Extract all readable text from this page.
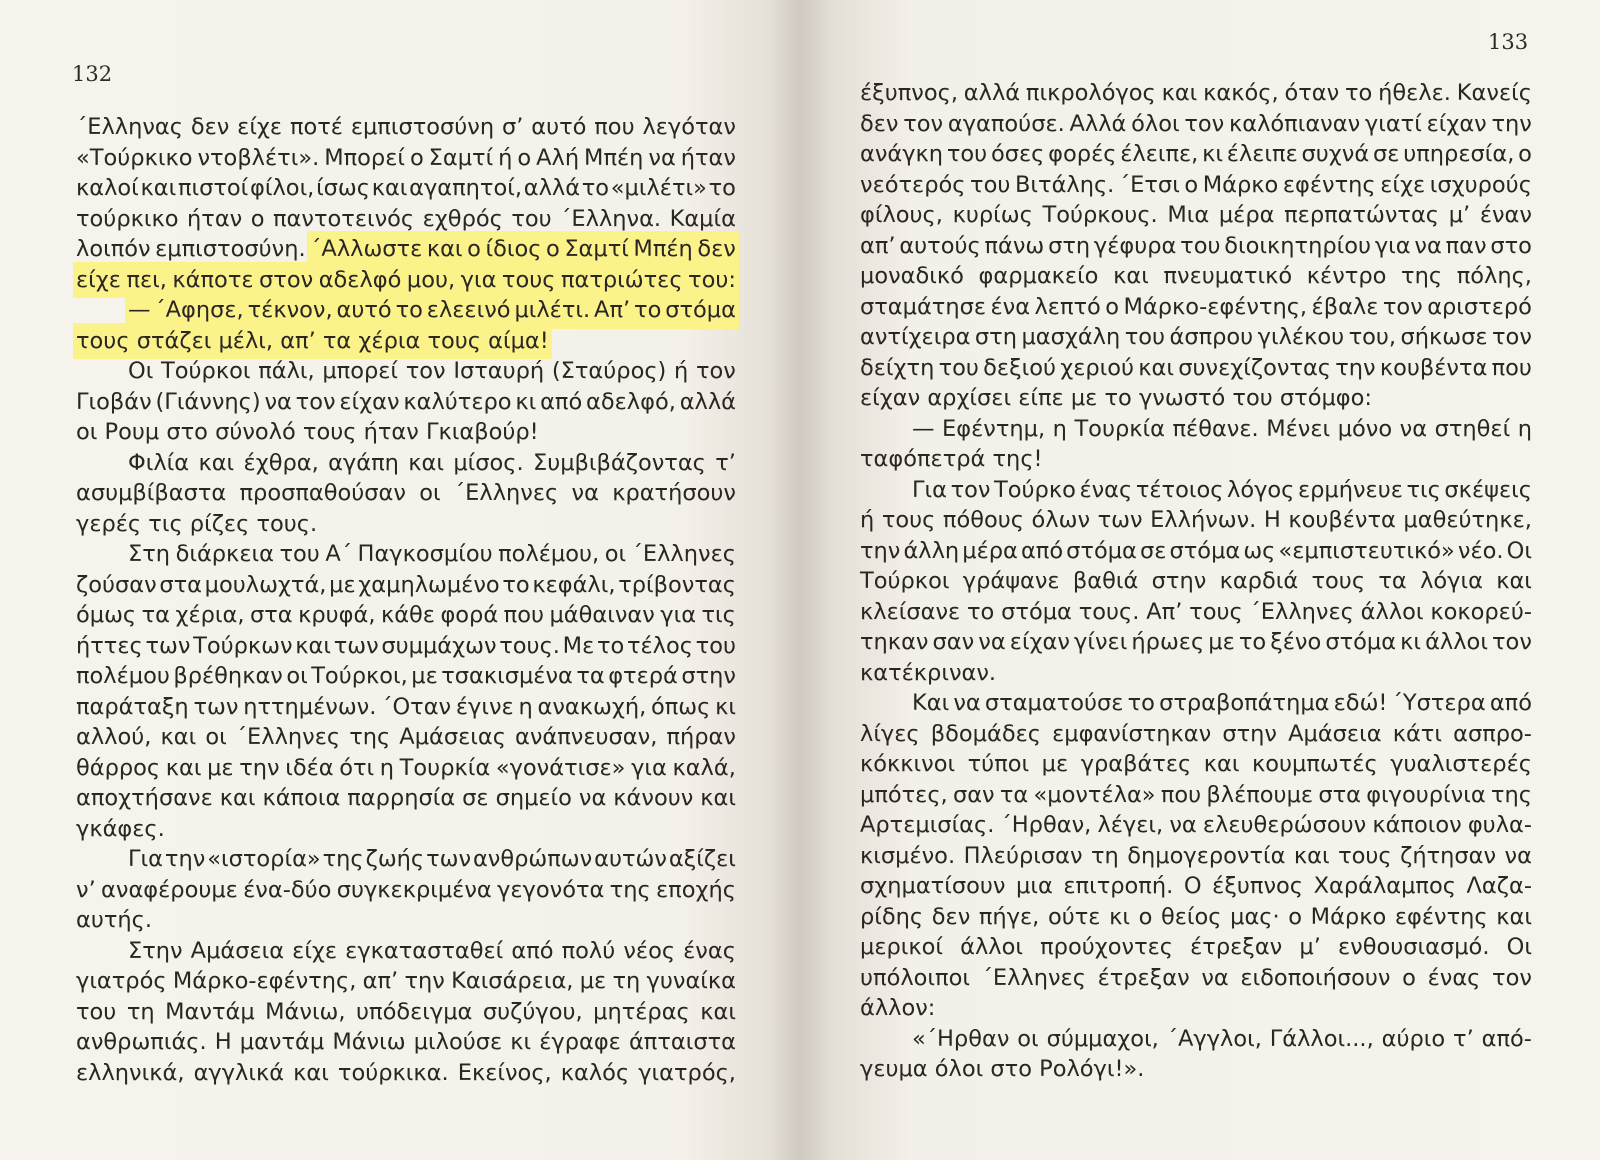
132
΄Ελληνας δεν είχε ποτέ εμπιστοσύνη σ’ αυτό που λεγόταν
«Τούρκικο ντοβλέτι». Μπορεί ο Σαμτί ή ο Αλή Μπέη να ήταν
καλοί και πιστοί φίλοι, ίσως και αγαπητοί, αλλά το «μιλέτι» το
τούρκικο ήταν ο παντοτεινός εχθρός του ΄Ελληνα. Καμία
λοιπόν εμπιστοσύνη. ΄Αλλωστε και ο ίδιος ο Σαμτί Μπέη δεν
είχε πει, κάποτε στον αδελφό μου, για τους πατριώτες του:
— ΄Αφησε, τέκνον, αυτό το ελεεινό μιλέτι. Απ’ το στόμα
τους στάζει μέλι, απ’ τα χέρια τους αίμα!
Οι Τούρκοι πάλι, μπορεί τον Ισταυρή (Σταύρος) ή τον
Γιοβάν (Γιάννης) να τον είχαν καλύτερο κι από αδελφό, αλλά
οι Ρουμ στο σύνολό τους ήταν Γκιαβούρ!
Φιλία και έχθρα, αγάπη και μίσος. Συμβιβάζοντας τ’
ασυμβίβαστα προσπαθούσαν οι ΄Ελληνες να κρατήσουν
γερές τις ρίζες τους.
Στη διάρκεια του Α΄ Παγκοσμίου πολέμου, οι ΄Ελληνες
ζούσαν στα μουλωχτά, με χαμηλωμένο το κεφάλι, τρίβοντας
όμως τα χέρια, στα κρυφά, κάθε φορά που μάθαιναν για τις
ήττες των Τούρκων και των συμμάχων τους. Με το τέλος του
πολέμου βρέθηκαν οι Τούρκοι, με τσακισμένα τα φτερά στην
παράταξη των ηττημένων. ΄Οταν έγινε η ανακωχή, όπως κι
αλλού, και οι ΄Ελληνες της Αμάσειας ανάπνευσαν, πήραν
θάρρος και με την ιδέα ότι η Τουρκία «γονάτισε» για καλά,
αποχτήσανε και κάποια παρρησία σε σημείο να κάνουν και
γκάφες.
Για την «ιστορία» της ζωής των ανθρώπων αυτών αξίζει
ν’ αναφέρουμε ένα-δύο συγκεκριμένα γεγονότα της εποχής
αυτής.
Στην Αμάσεια είχε εγκατασταθεί από πολύ νέος ένας
γιατρός Μάρκο-εφέντης, απ’ την Καισάρεια, με τη γυναίκα
του τη Μαντάμ Μάνιω, υπόδειγμα συζύγου, μητέρας και
ανθρωπιάς. Η μαντάμ Μάνιω μιλούσε κι έγραφε άπταιστα
ελληνικά, αγγλικά και τούρκικα. Εκείνος, καλός γιατρός,
133
έξυπνος, αλλά πικρολόγος και κακός, όταν το ήθελε. Κανείς
δεν τον αγαπούσε. Αλλά όλοι τον καλόπιαναν γιατί είχαν την
ανάγκη του όσες φορές έλειπε, κι έλειπε συχνά σε υπηρεσία, ο
νεότερός του Βιτάλης. ΄Ετσι ο Μάρκο εφέντης είχε ισχυρούς
φίλους, κυρίως Τούρκους. Μια μέρα περπατώντας μ’ έναν
απ’ αυτούς πάνω στη γέφυρα του διοικητηρίου για να παν στο
μοναδικό φαρμακείο και πνευματικό κέντρο της πόλης,
σταμάτησε ένα λεπτό ο Μάρκο-εφέντης, έβαλε τον αριστερό
αντίχειρα στη μασχάλη του άσπρου γιλέκου του, σήκωσε τον
δείχτη του δεξιού χεριού και συνεχίζοντας την κουβέντα που
είχαν αρχίσει είπε με το γνωστό του στόμφο:
— Εφέντημ, η Τουρκία πέθανε. Μένει μόνο να στηθεί η
ταφόπετρά της!
Για τον Τούρκο ένας τέτοιος λόγος ερμήνευε τις σκέψεις
ή τους πόθους όλων των Ελλήνων. Η κουβέντα μαθεύτηκε,
την άλλη μέρα από στόμα σε στόμα ως «εμπιστευτικό» νέο. Οι
Τούρκοι γράψανε βαθιά στην καρδιά τους τα λόγια και
κλείσανε το στόμα τους. Απ’ τους ΄Ελληνες άλλοι κοκορεύ-
τηκαν σαν να είχαν γίνει ήρωες με το ξένο στόμα κι άλλοι τον
κατέκριναν.
Και να σταματούσε το στραβοπάτημα εδώ! ΄Υστερα από
λίγες βδομάδες εμφανίστηκαν στην Αμάσεια κάτι ασπρο-
κόκκινοι τύποι με γραβάτες και κουμπωτές γυαλιστερές
μπότες, σαν τα «μοντέλα» που βλέπουμε στα φιγουρίνια της
Αρτεμισίας. ΄Ηρθαν, λέγει, να ελευθερώσουν κάποιον φυλα-
κισμένο. Πλεύρισαν τη δημογεροντία και τους ζήτησαν να
σχηματίσουν μια επιτροπή. Ο έξυπνος Χαράλαμπος Λαζα-
ρίδης δεν πήγε, ούτε κι ο θείος μας· ο Μάρκο εφέντης και
μερικοί άλλοι προύχοντες έτρεξαν μ’ ενθουσιασμό. Οι
υπόλοιποι ΄Ελληνες έτρεξαν να ειδοποιήσουν ο ένας τον
άλλον:
«΄Ηρθαν οι σύμμαχοι, ΄Αγγλοι, Γάλλοι..., αύριο τ’ από-
γευμα όλοι στο Ρολόγι!».
